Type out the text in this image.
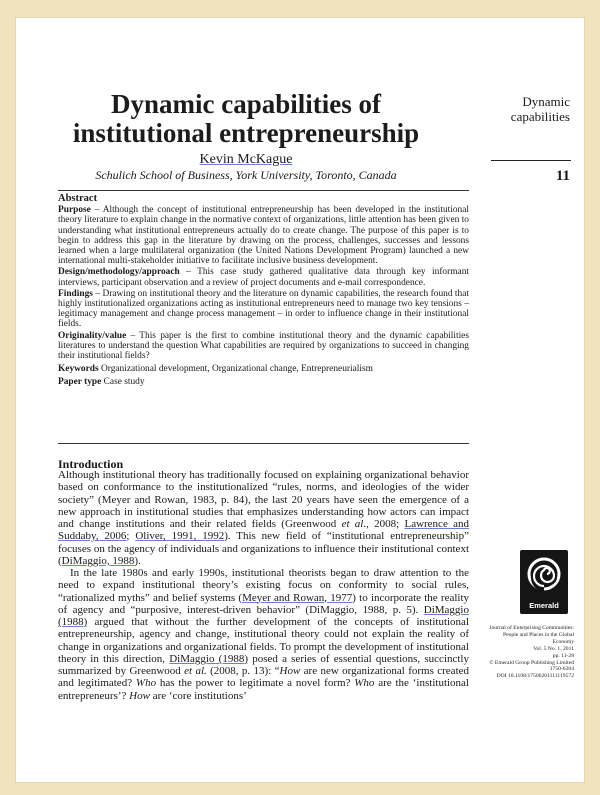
Dynamic capabilities of institutional entrepreneurship
Kevin McKague
Schulich School of Business, York University, Toronto, Canada
Dynamic capabilities
11
Abstract

Purpose – Although the concept of institutional entrepreneurship has been developed in the institutional theory literature to explain change in the normative context of organizations, little attention has been given to understanding what institutional entrepreneurs actually do to create change. The purpose of this paper is to begin to address this gap in the literature by drawing on the process, challenges, successes and lessons learned when a large multilateral organization (the United Nations Development Program) launched a new international multi-stakeholder initiative to facilitate inclusive business development.

Design/methodology/approach – This case study gathered qualitative data through key informant interviews, participant observation and a review of project documents and e-mail correspondence.

Findings – Drawing on institutional theory and the literature on dynamic capabilities, the research found that highly institutionalized organizations acting as institutional entrepreneurs need to manage two key tensions – legitimacy management and change process management – in order to influence change in their institutional fields.

Originality/value – This paper is the first to combine institutional theory and the dynamic capabilities literatures to understand the question What capabilities are required by organizations to succeed in changing their institutional fields?

Keywords Organizational development, Organizational change, Entrepreneurialism

Paper type Case study

Introduction

Although institutional theory has traditionally focused on explaining organizational behavior based on conformance to the institutionalized “rules, norms, and ideologies of the wider society” (Meyer and Rowan, 1983, p. 84), the last 20 years have seen the emergence of a new approach in institutional studies that emphasizes understanding how actors can impact and change institutions and their related fields (Greenwood et al., 2008; Lawrence and Suddaby, 2006; Oliver, 1991, 1992). This new field of “institutional entrepreneurship” focuses on the agency of individuals and organizations to influence their institutional context (DiMaggio, 1988).

In the late 1980s and early 1990s, institutional theorists began to draw attention to the need to expand institutional theory’s existing focus on conformity to social rules, “rationalized myths” and belief systems (Meyer and Rowan, 1977) to incorporate the reality of agency and “purposive, interest-driven behavior” (DiMaggio, 1988, p. 5). DiMaggio (1988) argued that without the further development of the concepts of institutional entrepreneurship, agency and change, institutional theory could not explain the reality of change in organizations and organizational fields. To prompt the development of institutional theory in this direction, DiMaggio (1988) posed a series of essential questions, succinctly summarized by Greenwood et al. (2008, p. 13): “How are new organizational forms created and legitimated? Who has the power to legitimate a novel form? Who are the ‘institutional entrepreneurs’? How are ‘core institutions’

Emerald
Journal of Enterprising Communities:
People and Places in the Global
Economy
Vol. 5 No. 1, 2011
pp. 11-28
© Emerald Group Publishing Limited
1750-6204
DOI 10.1108/17506201111119572
